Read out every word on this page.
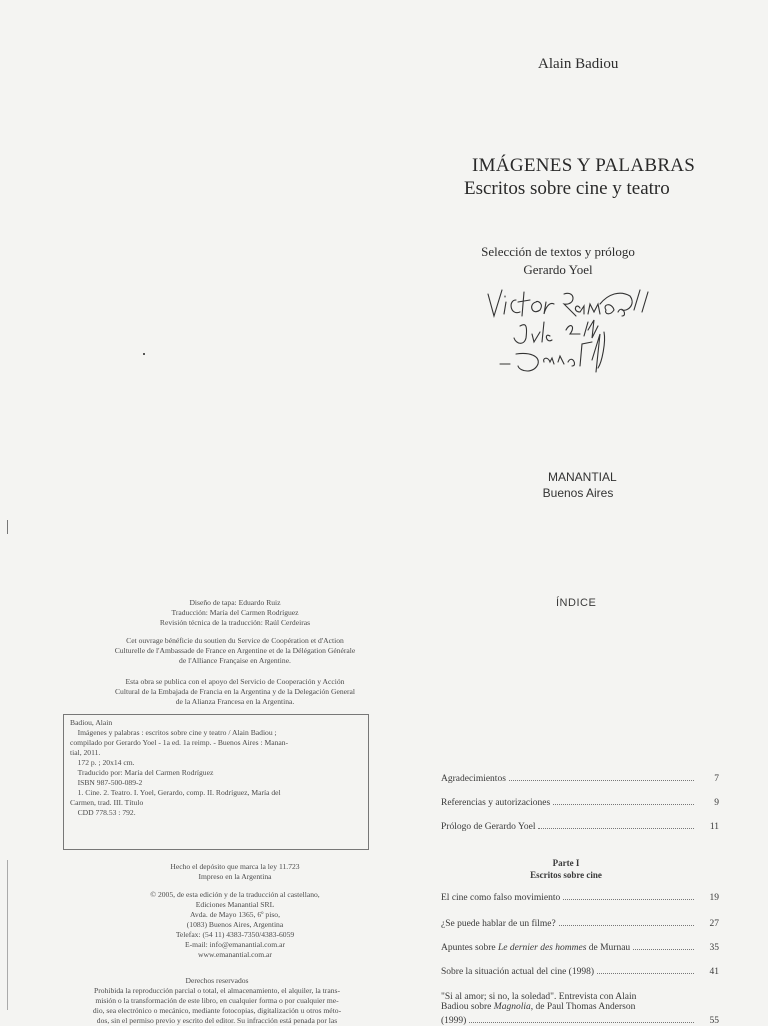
Alain Badiou
IMÁGENES Y PALABRAS
Escritos sobre cine y teatro
Selección de textos y prólogo
Gerardo Yoel
MANANTIAL
Buenos Aires
Diseño de tapa: Eduardo Ruiz
Traducción: María del Carmen Rodríguez
Revisión técnica de la traducción: Raúl Cerdeiras
Cet ouvrage bénéficie du soutien du Service de Coopération et d'Action
Culturelle de l'Ambassade de France en Argentine et de la Délégation Générale
de l'Alliance Française en Argentine.
Esta obra se publica con el apoyo del Servicio de Cooperación y Acción
Cultural de la Embajada de Francia en la Argentina y de la Delegación General
de la Alianza Francesa en la Argentina.
Badiou, Alain
Imágenes y palabras : escritos sobre cine y teatro / Alain Badiou ;
compilado por Gerardo Yoel - 1a ed. 1a reimp. - Buenos Aires : Manan-
tial, 2011.
172 p. ; 20x14 cm.
Traducido por: María del Carmen Rodríguez
ISBN 987-500-089-2
1. Cine. 2. Teatro. I. Yoel, Gerardo, comp. II. Rodríguez, María del
Carmen, trad. III. Título
CDD 778.53 : 792.
Hecho el depósito que marca la ley 11.723
Impreso en la Argentina
© 2005, de esta edición y de la traducción al castellano,
Ediciones Manantial SRL
Avda. de Mayo 1365, 6º piso,
(1083) Buenos Aires, Argentina
Telefax: (54 11) 4383-7350/4383-6059
E-mail: info@emanantial.com.ar
www.emanantial.com.ar
Derechos reservados
Prohibida la reproducción parcial o total, el almacenamiento, el alquiler, la trans-
misión o la transformación de este libro, en cualquier forma o por cualquier me-
dio, sea electrónico o mecánico, mediante fotocopias, digitalización u otros méto-
dos, sin el permiso previo y escrito del editor. Su infracción está penada por las
ÍNDICE
Agradecimientos	7
Referencias y autorizaciones	9
Prólogo de Gerardo Yoel	11
Parte I
Escritos sobre cine
El cine como falso movimiento	19
¿Se puede hablar de un filme?	27
Apuntes sobre Le dernier des hommes de Murnau	35
Sobre la situación actual del cine (1998)	41
"Si al amor; si no, la soledad". Entrevista con Alain
Badiou sobre Magnolia, de Paul Thomas Anderson
(1999)	55
